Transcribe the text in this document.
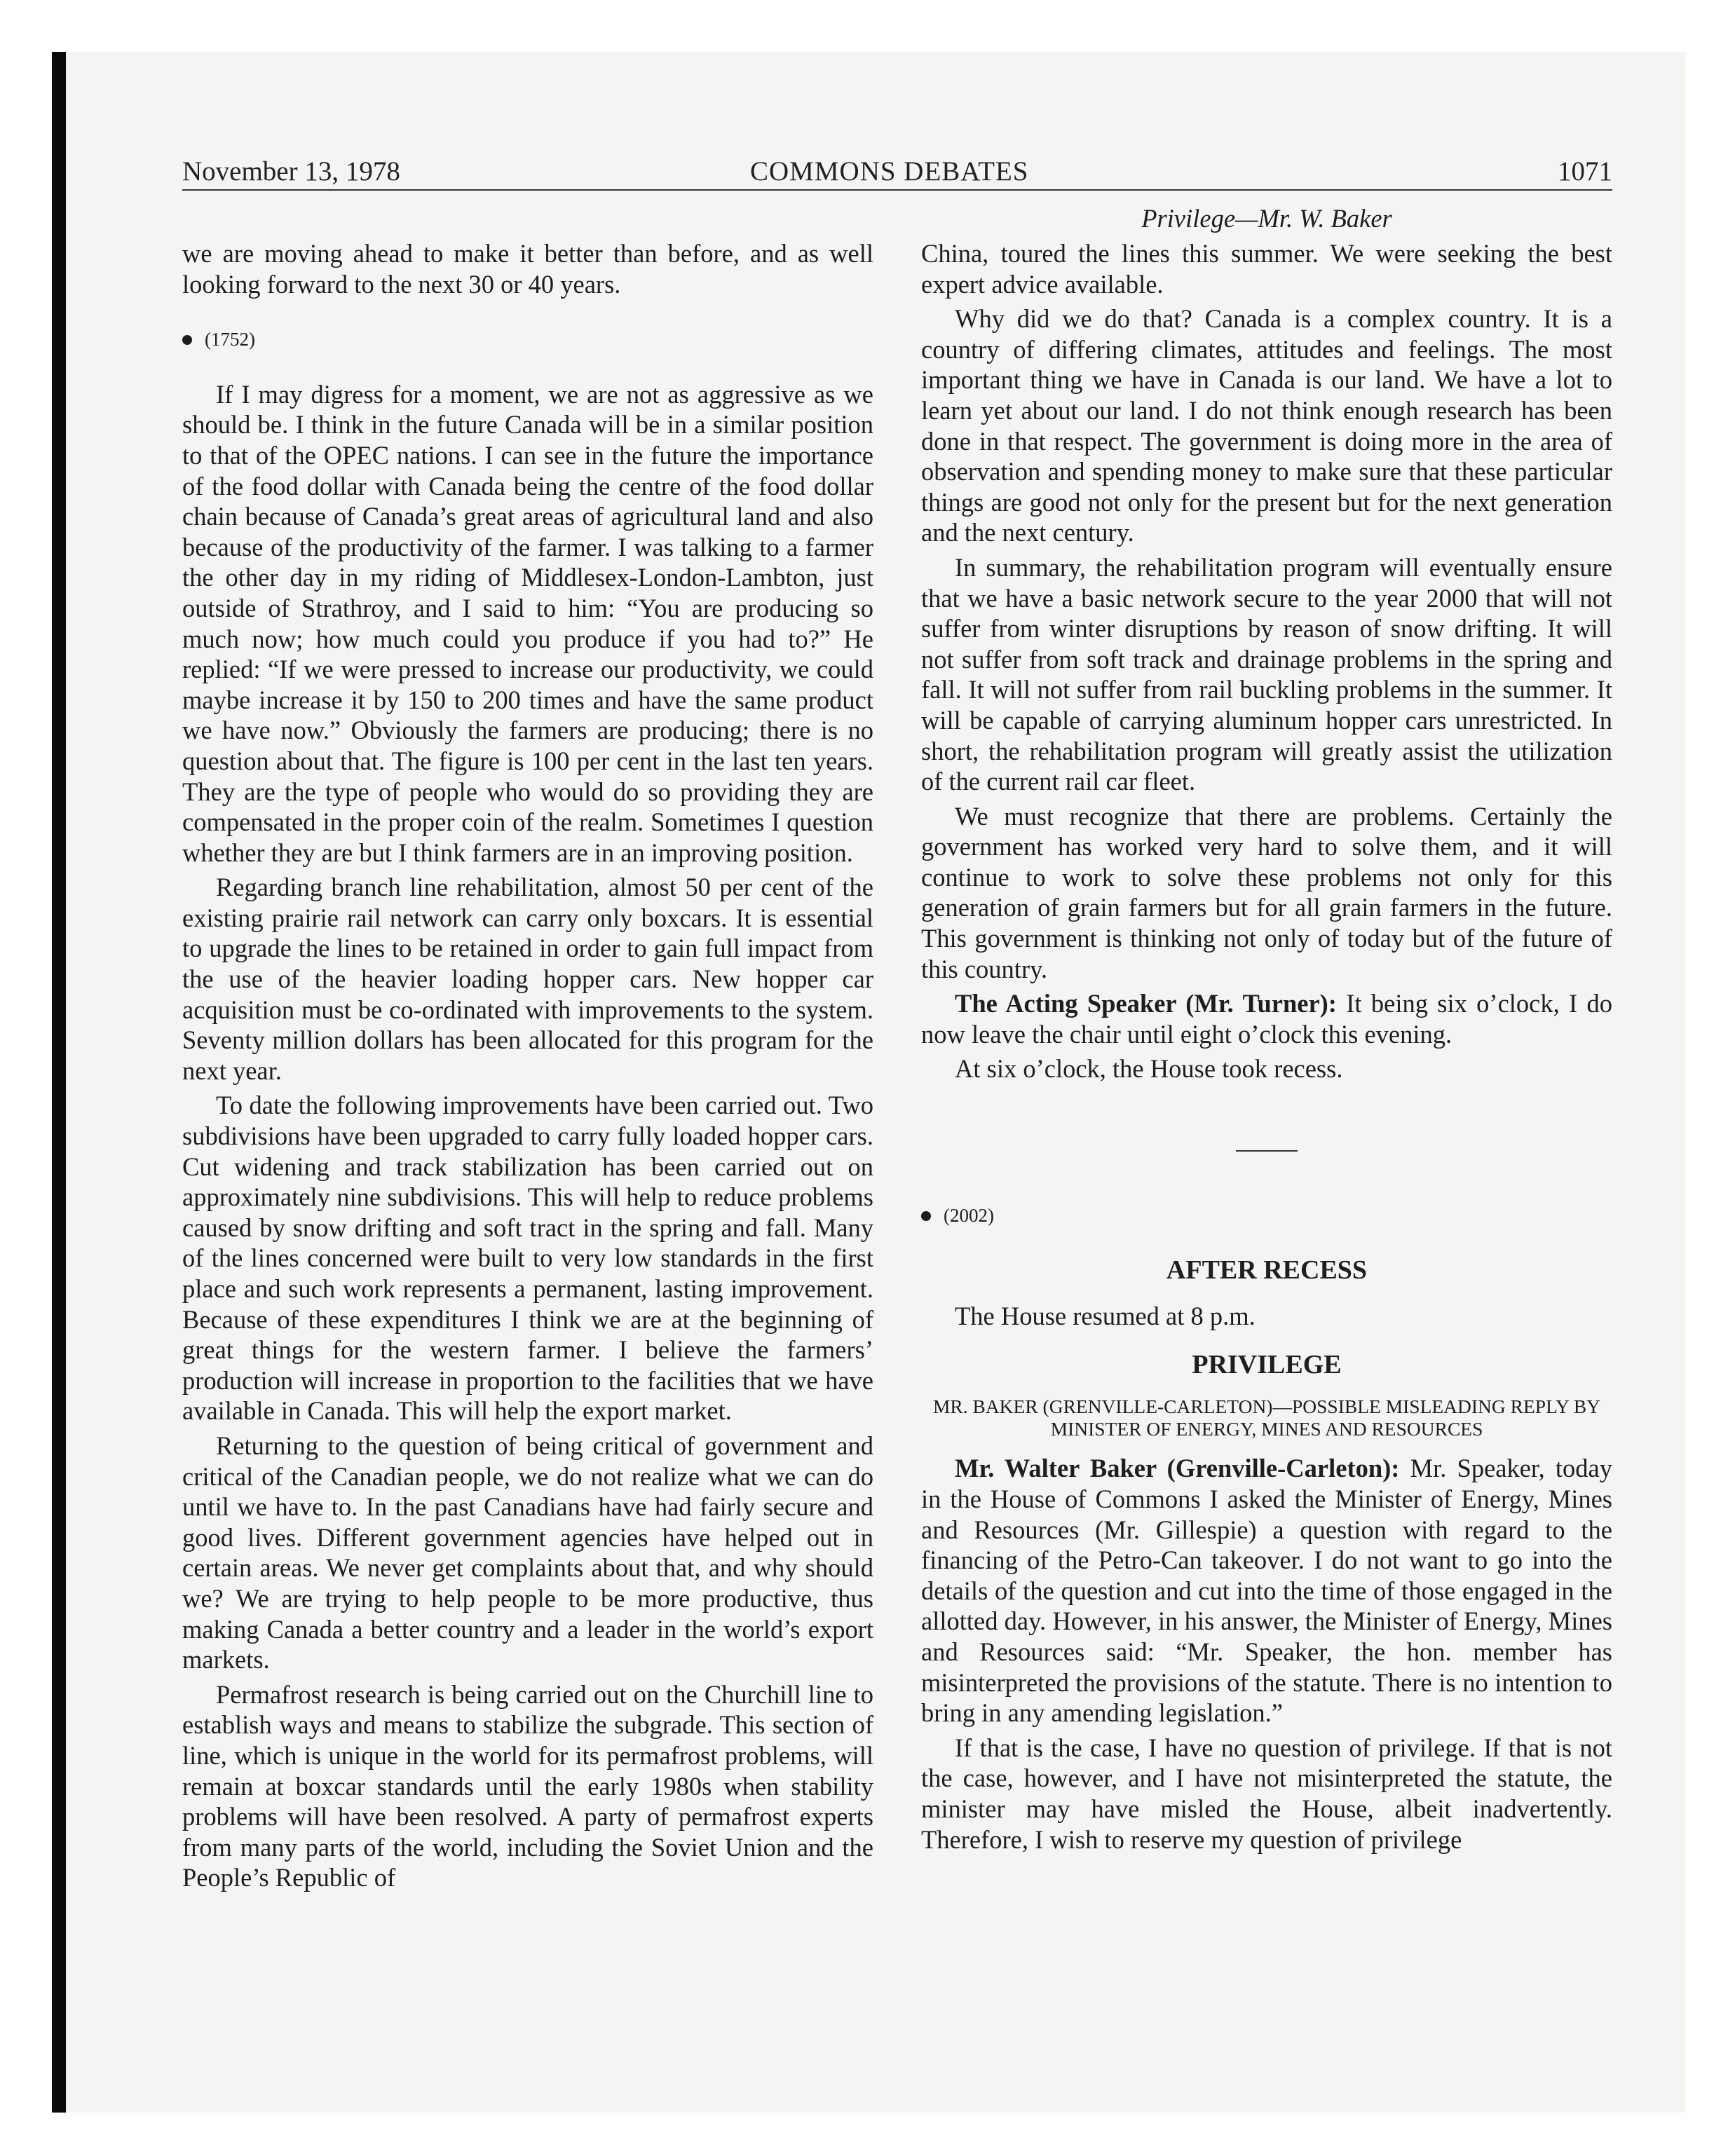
November 13, 1978	COMMONS DEBATES	1071

we are moving ahead to make it better than before, and as well looking forward to the next 30 or 40 years.

(1752)

If I may digress for a moment, we are not as aggressive as we should be. I think in the future Canada will be in a similar position to that of the OPEC nations. I can see in the future the importance of the food dollar with Canada being the centre of the food dollar chain because of Canada’s great areas of agricultural land and also because of the productivity of the farmer. I was talking to a farmer the other day in my riding of Middlesex-London-Lambton, just outside of Strathroy, and I said to him: “You are producing so much now; how much could you produce if you had to?” He replied: “If we were pressed to increase our productivity, we could maybe increase it by 150 to 200 times and have the same product we have now.” Obviously the farmers are producing; there is no question about that. The figure is 100 per cent in the last ten years. They are the type of people who would do so providing they are compensated in the proper coin of the realm. Sometimes I question whether they are but I think farmers are in an improving position.

Regarding branch line rehabilitation, almost 50 per cent of the existing prairie rail network can carry only boxcars. It is essential to upgrade the lines to be retained in order to gain full impact from the use of the heavier loading hopper cars. New hopper car acquisition must be co-ordinated with improvements to the system. Seventy million dollars has been allocated for this program for the next year.

To date the following improvements have been carried out. Two subdivisions have been upgraded to carry fully loaded hopper cars. Cut widening and track stabilization has been carried out on approximately nine subdivisions. This will help to reduce problems caused by snow drifting and soft tract in the spring and fall. Many of the lines concerned were built to very low standards in the first place and such work represents a permanent, lasting improvement. Because of these expenditures I think we are at the beginning of great things for the western farmer. I believe the farmers’ production will increase in proportion to the facilities that we have available in Canada. This will help the export market.

Returning to the question of being critical of government and critical of the Canadian people, we do not realize what we can do until we have to. In the past Canadians have had fairly secure and good lives. Different government agencies have helped out in certain areas. We never get complaints about that, and why should we? We are trying to help people to be more productive, thus making Canada a better country and a leader in the world’s export markets.

Permafrost research is being carried out on the Churchill line to establish ways and means to stabilize the subgrade. This section of line, which is unique in the world for its permafrost problems, will remain at boxcar standards until the early 1980s when stability problems will have been resolved. A party of permafrost experts from many parts of the world, including the Soviet Union and the People’s Republic of

Privilege—Mr. W. Baker

China, toured the lines this summer. We were seeking the best expert advice available.

Why did we do that? Canada is a complex country. It is a country of differing climates, attitudes and feelings. The most important thing we have in Canada is our land. We have a lot to learn yet about our land. I do not think enough research has been done in that respect. The government is doing more in the area of observation and spending money to make sure that these particular things are good not only for the present but for the next generation and the next century.

In summary, the rehabilitation program will eventually ensure that we have a basic network secure to the year 2000 that will not suffer from winter disruptions by reason of snow drifting. It will not suffer from soft track and drainage problems in the spring and fall. It will not suffer from rail buckling problems in the summer. It will be capable of carrying aluminum hopper cars unrestricted. In short, the rehabilitation program will greatly assist the utilization of the current rail car fleet.

We must recognize that there are problems. Certainly the government has worked very hard to solve them, and it will continue to work to solve these problems not only for this generation of grain farmers but for all grain farmers in the future. This government is thinking not only of today but of the future of this country.

The Acting Speaker (Mr. Turner): It being six o’clock, I do now leave the chair until eight o’clock this evening.

At six o’clock, the House took recess.

(2002)
AFTER RECESS

The House resumed at 8 p.m.

PRIVILEGE
MR. BAKER (GRENVILLE-CARLETON)—POSSIBLE MISLEADING REPLY BY MINISTER OF ENERGY, MINES AND RESOURCES

Mr. Walter Baker (Grenville-Carleton): Mr. Speaker, today in the House of Commons I asked the Minister of Energy, Mines and Resources (Mr. Gillespie) a question with regard to the financing of the Petro-Can takeover. I do not want to go into the details of the question and cut into the time of those engaged in the allotted day. However, in his answer, the Minister of Energy, Mines and Resources said: “Mr. Speaker, the hon. member has misinterpreted the provisions of the statute. There is no intention to bring in any amending legislation.”

If that is the case, I have no question of privilege. If that is not the case, however, and I have not misinterpreted the statute, the minister may have misled the House, albeit inadvertently. Therefore, I wish to reserve my question of privilege
